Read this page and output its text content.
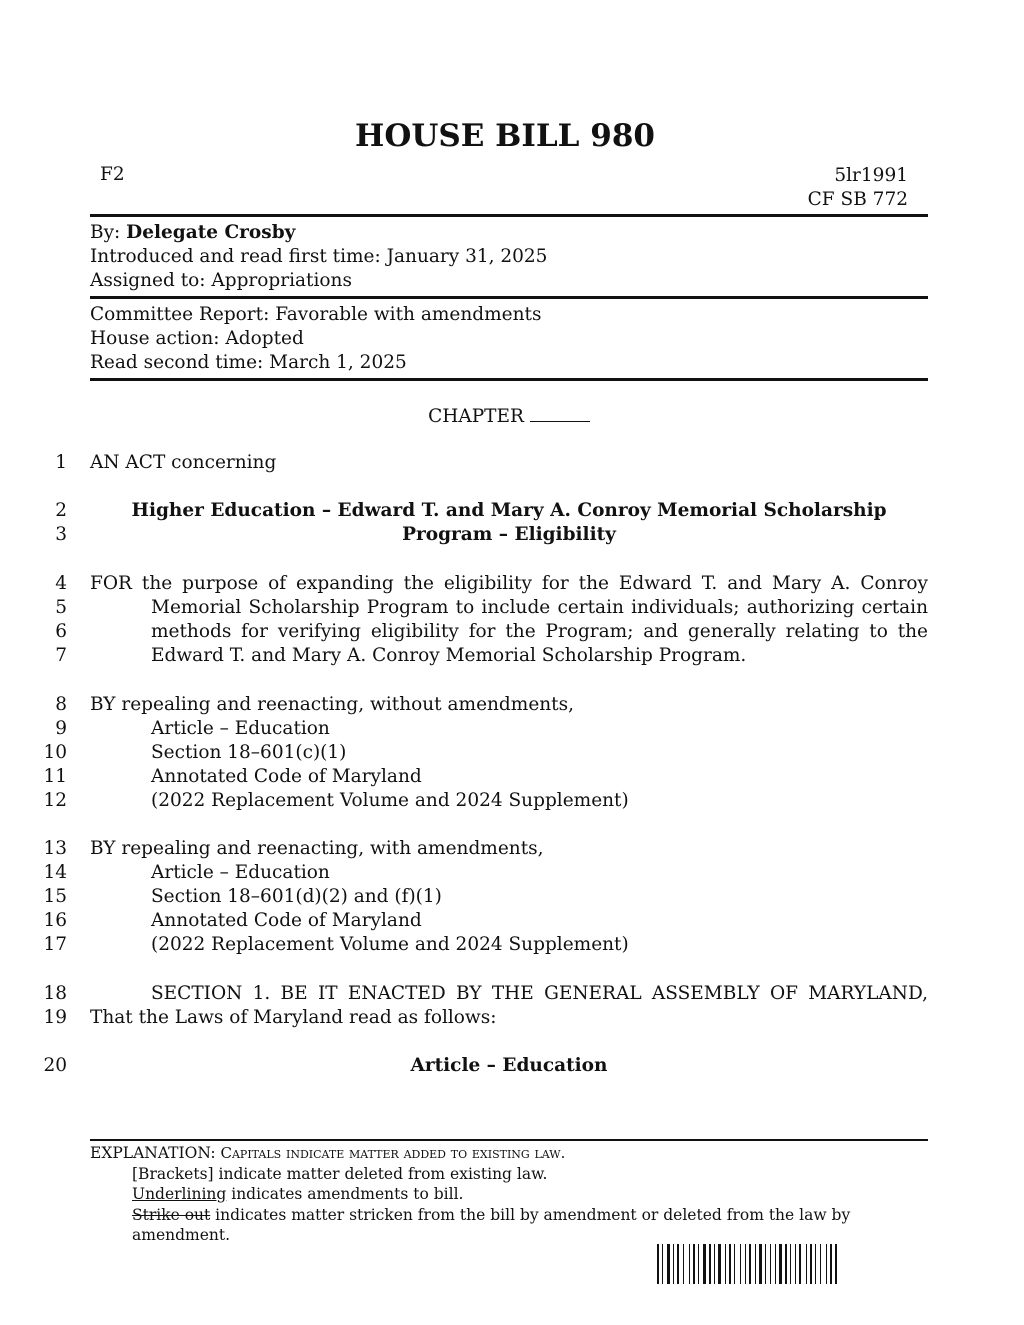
HOUSE BILL 980
F2	5lr1991
CF SB 772
By: Delegate Crosby
Introduced and read first time: January 31, 2025
Assigned to: Appropriations
Committee Report: Favorable with amendments
House action: Adopted
Read second time: March 1, 2025
CHAPTER
1 AN ACT concerning
2	Higher Education – Edward T. and Mary A. Conroy Memorial Scholarship
3	Program – Eligibility
4 FOR the purpose of expanding the eligibility for the Edward T. and Mary A. Conroy
5	Memorial Scholarship Program to include certain individuals; authorizing certain
6	methods for verifying eligibility for the Program; and generally relating to the
7	Edward T. and Mary A. Conroy Memorial Scholarship Program.
8 BY repealing and reenacting, without amendments,
9	Article – Education
10	Section 18–601(c)(1)
11	Annotated Code of Maryland
12	(2022 Replacement Volume and 2024 Supplement)
13 BY repealing and reenacting, with amendments,
14	Article – Education
15	Section 18–601(d)(2) and (f)(1)
16	Annotated Code of Maryland
17	(2022 Replacement Volume and 2024 Supplement)
18	SECTION 1. BE IT ENACTED BY THE GENERAL ASSEMBLY OF MARYLAND,
19 That the Laws of Maryland read as follows:
20	Article – Education
EXPLANATION: Capitals indicate matter added to existing law.
[Brackets] indicate matter deleted from existing law.
Underlining indicates amendments to bill.
Strike out indicates matter stricken from the bill by amendment or deleted from the law by
amendment.
